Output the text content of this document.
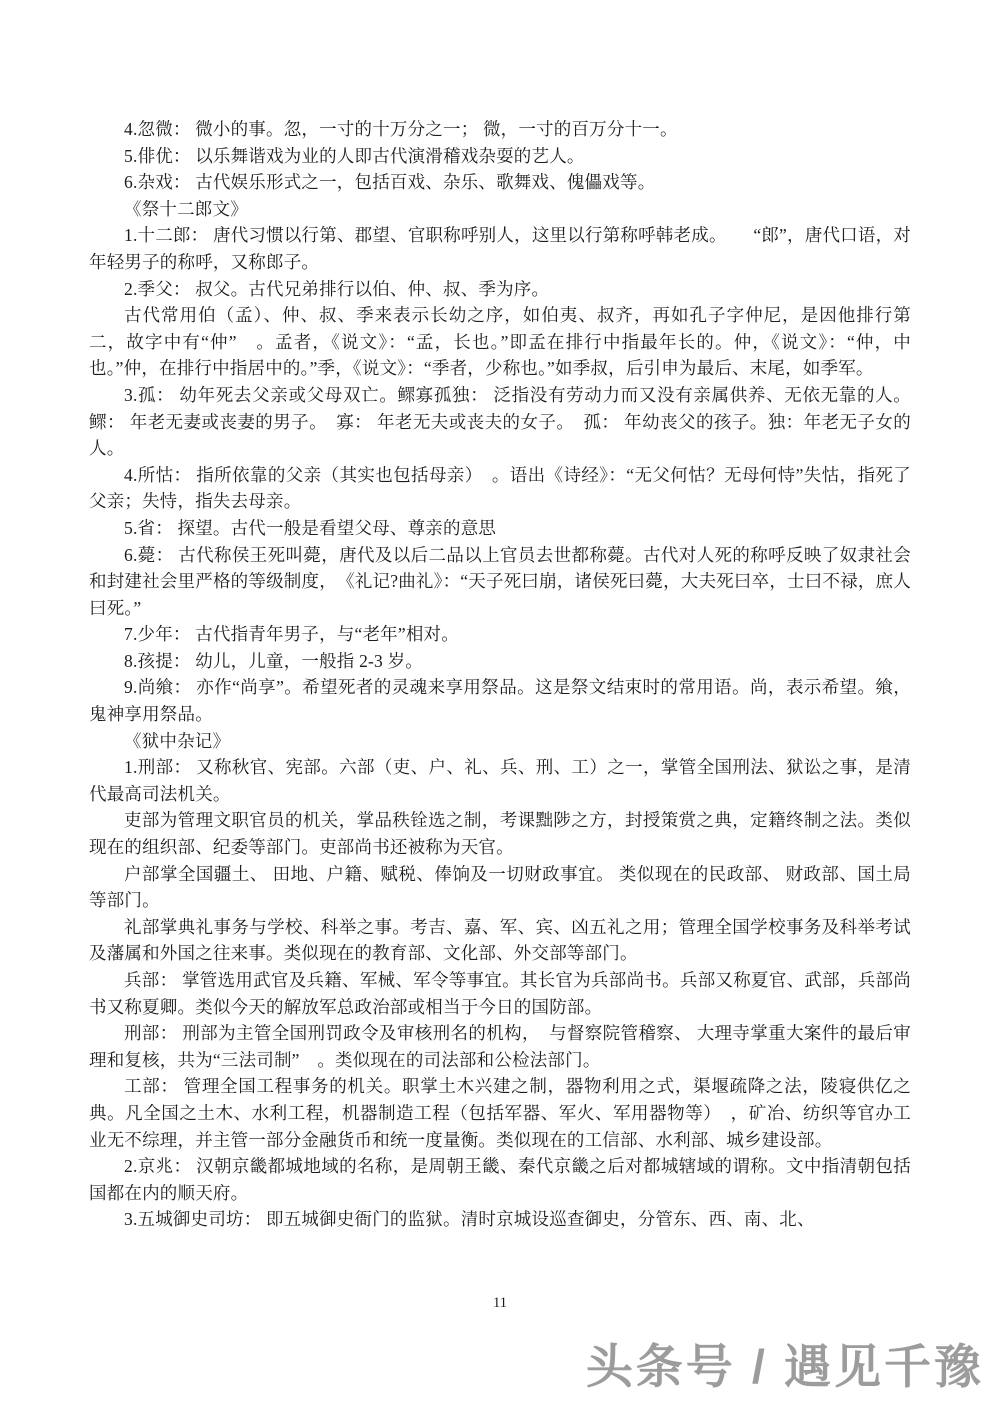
4.忽微： 微小的事。忽，一寸的十万分之一； 微，一寸的百万分十一。

5.俳优： 以乐舞谐戏为业的人即古代演滑稽戏杂耍的艺人。

6.杂戏： 古代娱乐形式之一，包括百戏、杂乐、歌舞戏、傀儡戏等。

《祭十二郎文》

1.十二郎： 唐代习惯以行第、郡望、官职称呼别人，这里以行第称呼韩老成。　　“郎”，唐代口语，对年轻男子的称呼，又称郎子。

2.季父： 叔父。古代兄弟排行以伯、仲、叔、季为序。

古代常用伯（孟）、仲、叔、季来表示长幼之序，如伯夷、叔齐，再如孔子字仲尼，是因他排行第二，故字中有“仲”　。孟者，《说文》：“孟，长也。”即孟在排行中指最年长的。仲，《说文》：“仲，中也。”仲，在排行中指居中的。”季，《说文》：“季者，少称也。”如季叔，后引申为最后、末尾，如季军。

3.孤： 幼年死去父亲或父母双亡。鳏寡孤独： 泛指没有劳动力而又没有亲属供养、无依无靠的人。鳏： 年老无妻或丧妻的男子。　寡： 年老无夫或丧夫的女子。　孤： 年幼丧父的孩子。独：年老无子女的人。

4.所怙： 指所依靠的父亲（其实也包括母亲）　。语出《诗经》：“无父何怙？无母何恃”失怙，指死了父亲；失恃，指失去母亲。

5.省： 探望。古代一般是看望父母、尊亲的意思

6.薨： 古代称侯王死叫薨，唐代及以后二品以上官员去世都称薨。古代对人死的称呼反映了奴隶社会和封建社会里严格的等级制度，　《礼记?曲礼》：“天子死曰崩，诸侯死曰薨，大夫死曰卒，士曰不禄，庶人曰死。”

7.少年： 古代指青年男子，与“老年”相对。

8.孩提： 幼儿，儿童，一般指 2-3 岁。

9.尚飨： 亦作“尚享”。希望死者的灵魂来享用祭品。这是祭文结束时的常用语。尚，表示希望。飨，鬼神享用祭品。

《狱中杂记》

1.刑部： 又称秋官、宪部。六部（吏、户、礼、兵、刑、工）之一，掌管全国刑法、狱讼之事，是清代最高司法机关。

吏部为管理文职官员的机关，掌品秩铨选之制，考课黜陟之方，封授策赏之典，定籍终制之法。类似现在的组织部、纪委等部门。吏部尚书还被称为天官。

户部掌全国疆土、 田地、户籍、赋税、俸饷及一切财政事宜。 类似现在的民政部、 财政部、国土局等部门。

礼部掌典礼事务与学校、科举之事。考吉、嘉、军、宾、凶五礼之用；管理全国学校事务及科举考试及藩属和外国之往来事。类似现在的教育部、文化部、外交部等部门。

兵部： 掌管选用武官及兵籍、军械、军令等事宜。其长官为兵部尚书。兵部又称夏官、武部，兵部尚书又称夏卿。类似今天的解放军总政治部或相当于今日的国防部。

刑部： 刑部为主管全国刑罚政令及审核刑名的机构，　与督察院管稽察、 大理寺掌重大案件的最后审理和复核，共为“三法司制”　。类似现在的司法部和公检法部门。

工部： 管理全国工程事务的机关。职掌土木兴建之制，器物利用之式，渠堰疏降之法，陵寝供亿之典。凡全国之土木、水利工程，机器制造工程（包括军器、军火、军用器物等）　，矿冶、纺织等官办工业无不综理，并主管一部分金融货币和统一度量衡。类似现在的工信部、水利部、城乡建设部。

2.京兆： 汉朝京畿都城地域的名称，是周朝王畿、秦代京畿之后对都城辖域的谓称。文中指清朝包括国都在内的顺天府。

3.五城御史司坊： 即五城御史衙门的监狱。清时京城设巡查御史，分管东、西、南、北、

11
头条号 / 遇见千豫
